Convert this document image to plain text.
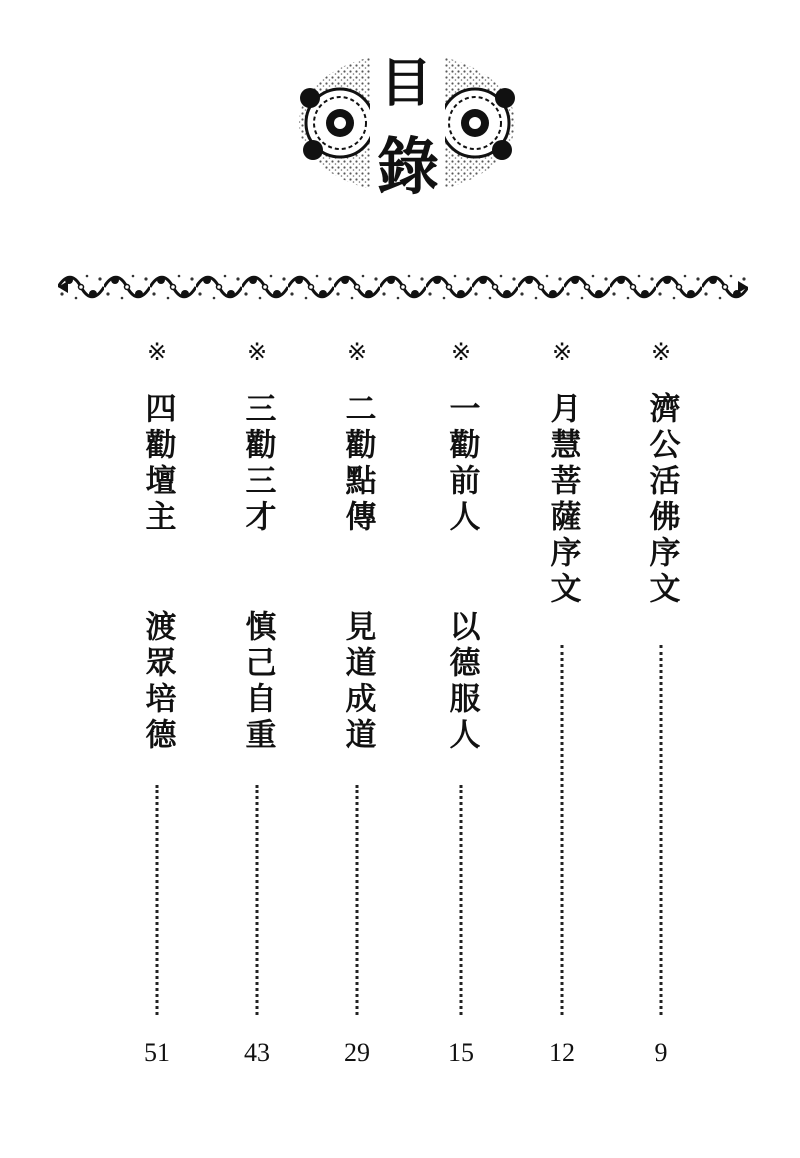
目
錄
※
濟公活佛序文
9
※
月慧菩薩序文
12
※
一勸前人
以德服人
15
※
二勸點傳
見道成道
29
※
三勸三才
慎己自重
43
※
四勸壇主
渡眾培德
51
